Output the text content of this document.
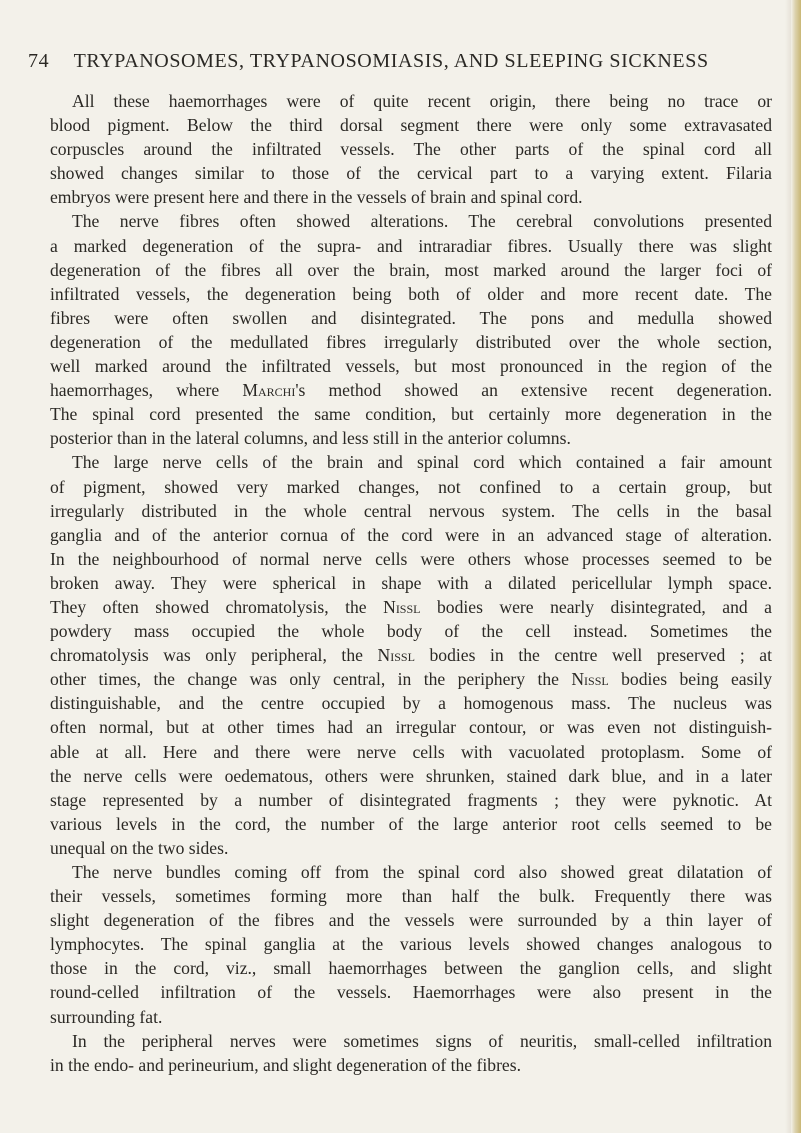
74 TRYPANOSOMES, TRYPANOSOMIASIS, AND SLEEPING SICKNESS
All these haemorrhages were of quite recent origin, there being no trace or
blood pigment. Below the third dorsal segment there were only some extravasated
corpuscles around the infiltrated vessels. The other parts of the spinal cord all
showed changes similar to those of the cervical part to a varying extent. Filaria
embryos were present here and there in the vessels of brain and spinal cord.
The nerve fibres often showed alterations. The cerebral convolutions presented
a marked degeneration of the supra- and intraradiar fibres. Usually there was slight
degeneration of the fibres all over the brain, most marked around the larger foci of
infiltrated vessels, the degeneration being both of older and more recent date. The
fibres were often swollen and disintegrated. The pons and medulla showed
degeneration of the medullated fibres irregularly distributed over the whole section,
well marked around the infiltrated vessels, but most pronounced in the region of the
haemorrhages, where Marchi's method showed an extensive recent degeneration.
The spinal cord presented the same condition, but certainly more degeneration in the
posterior than in the lateral columns, and less still in the anterior columns.
The large nerve cells of the brain and spinal cord which contained a fair amount
of pigment, showed very marked changes, not confined to a certain group, but
irregularly distributed in the whole central nervous system. The cells in the basal
ganglia and of the anterior cornua of the cord were in an advanced stage of alteration.
In the neighbourhood of normal nerve cells were others whose processes seemed to be
broken away. They were spherical in shape with a dilated pericellular lymph space.
They often showed chromatolysis, the Nissl bodies were nearly disintegrated, and a
powdery mass occupied the whole body of the cell instead. Sometimes the
chromatolysis was only peripheral, the Nissl bodies in the centre well preserved ; at
other times, the change was only central, in the periphery the Nissl bodies being easily
distinguishable, and the centre occupied by a homogenous mass. The nucleus was
often normal, but at other times had an irregular contour, or was even not distinguish-
able at all. Here and there were nerve cells with vacuolated protoplasm. Some of
the nerve cells were oedematous, others were shrunken, stained dark blue, and in a later
stage represented by a number of disintegrated fragments ; they were pyknotic. At
various levels in the cord, the number of the large anterior root cells seemed to be
unequal on the two sides.
The nerve bundles coming off from the spinal cord also showed great dilatation of
their vessels, sometimes forming more than half the bulk. Frequently there was
slight degeneration of the fibres and the vessels were surrounded by a thin layer of
lymphocytes. The spinal ganglia at the various levels showed changes analogous to
those in the cord, viz., small haemorrhages between the ganglion cells, and slight
round-celled infiltration of the vessels. Haemorrhages were also present in the
surrounding fat.
In the peripheral nerves were sometimes signs of neuritis, small-celled infiltration
in the endo- and perineurium, and slight degeneration of the fibres.
